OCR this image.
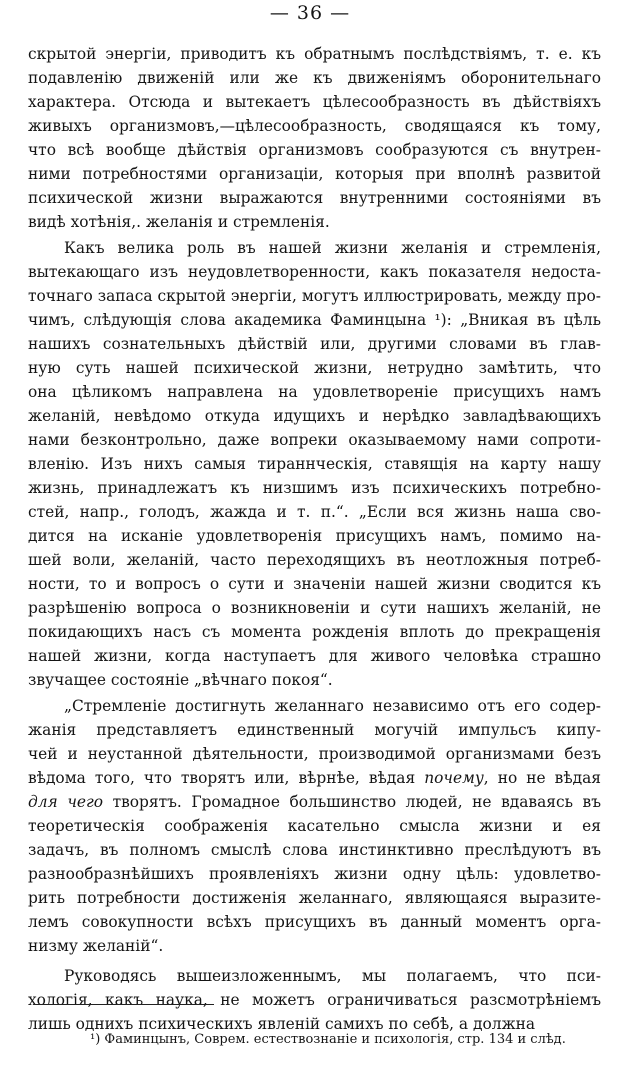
— 36 —
скрытой энергіи, приводитъ къ обратнымъ послѣдствіямъ, т. е. къ
подавленію движеній или же къ движеніямъ оборонительнаго
характера. Отсюда и вытекаетъ цѣлесообразность въ дѣйствіяхъ
живыхъ организмовъ,—цѣлесообразность, сводящаяся къ тому,
что всѣ вообще дѣйствія организмовъ сообразуются съ внутрен-
ними потребностями организаціи, которыя при вполнѣ развитой
психической жизни выражаются внутренними состояніями въ
видѣ хотѣнія,. желанія и стремленія.
Какъ велика роль въ нашей жизни желанія и стремленія,
вытекающаго изъ неудовлетворенности, какъ показателя недоста-
точнаго запаса скрытой энергіи, могутъ иллюстрировать, между про-
чимъ, слѣдующія слова академика Фаминцына ¹): „Вникая въ цѣль
нашихъ сознательныхъ дѣйствій или, другими словами въ глав-
ную суть нашей психической жизни, нетрудно замѣтить, что
она цѣликомъ направлена на удовлетвореніе присущихъ намъ
желаній, невѣдомо откуда идущихъ и нерѣдко завладѣвающихъ
нами безконтрольно, даже вопреки оказываемому нами сопроти-
вленію. Изъ нихъ самыя тираннческія, ставящія на карту нашу
жизнь, принадлежатъ къ низшимъ изъ психическихъ потребно-
стей, напр., голодъ, жажда и т. п.“. „Если вся жизнь наша сво-
дится на исканіе удовлетворенія присущихъ намъ, помимо на-
шей воли, желаній, часто переходящихъ въ неотложныя потреб-
ности, то и вопросъ о сути и значеніи нашей жизни сводится къ
разрѣшенію вопроса о возникновеніи и сути нашихъ желаній, не
покидающихъ насъ съ момента рожденія вплоть до прекращенія
нашей жизни, когда наступаетъ для живого человѣка страшно
звучащее состояніе „вѣчнаго покоя“.
„Стремленіе достигнуть желаннаго независимо отъ его содер-
жанія представляетъ единственный могучій импульсъ кипу-
чей и неустанной дѣятельности, производимой организмами безъ
вѣдома того, что творятъ или, вѣрнѣе, вѣдая почему, но не вѣдая
для чего творятъ. Громадное большинство людей, не вдаваясь въ
теоретическія соображенія касательно смысла жизни и ея
задачъ, въ полномъ смыслѣ слова инстинктивно преслѣдуютъ въ
разнообразнѣйшихъ проявленіяхъ жизни одну цѣль: удовлетво-
рить потребности достиженія желаннаго, являющаяся выразите-
лемъ совокупности всѣхъ присущихъ въ данный моментъ орга-
низму желаній“.
Руководясь вышеизложеннымъ, мы полагаемъ, что пси-
хологія, какъ наука, не можетъ ограничиваться разсмотрѣніемъ
лишь однихъ психическихъ явленій самихъ по себѣ, а должна
¹) Фаминцынъ, Соврем. естествознаніе и психологія, стр. 134 и слѣд.
